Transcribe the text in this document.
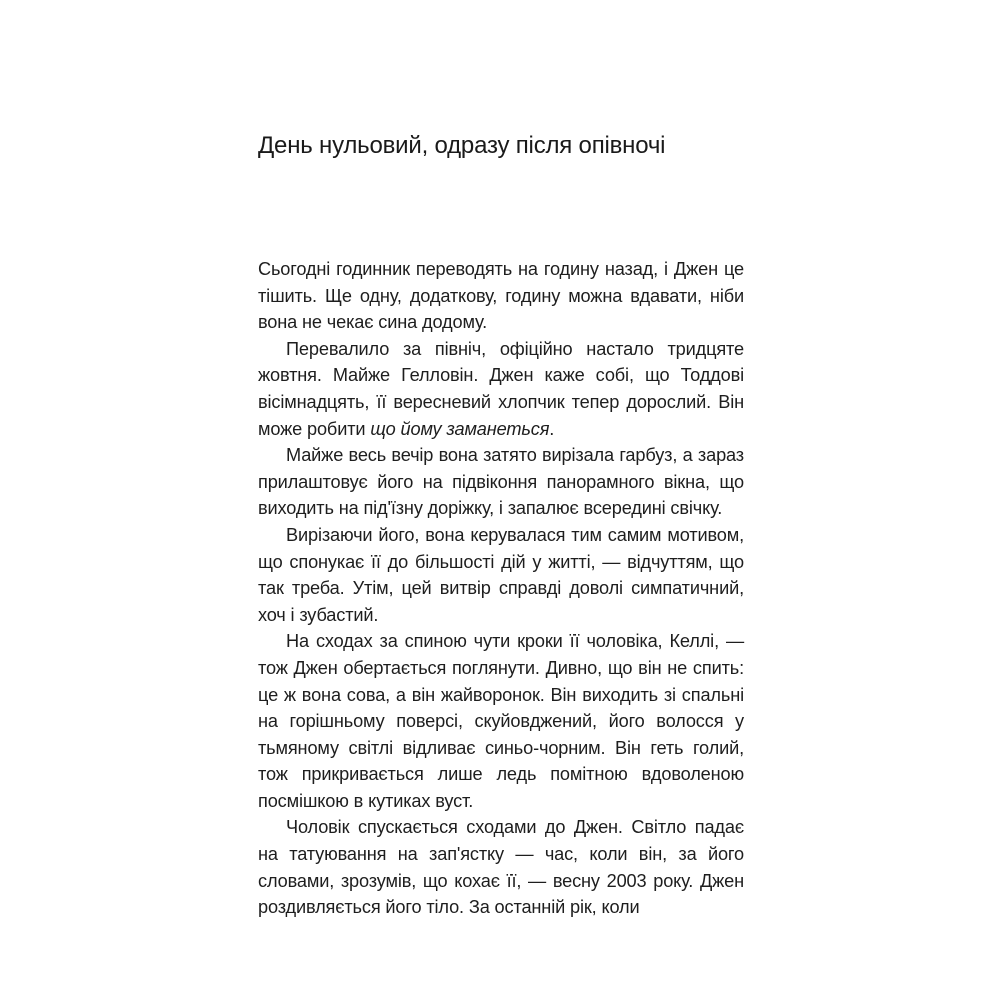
День нульовий, одразу після опівночі

Сьогодні годинник переводять на годину назад, і Джен це тішить. Ще одну, додаткову, годину можна вдавати, ніби вона не чекає сина додому.

Перевалило за північ, офіційно настало тридцяте жовтня. Майже Гелловін. Джен каже собі, що Тоддові вісімнадцять, її вересневий хлопчик тепер дорослий. Він може робити що йому заманеться.

Майже весь вечір вона затято вирізала гарбуз, а зараз прилаштовує його на підвіконня панорамного вікна, що виходить на під'їзну доріжку, і запалює всередині свічку.

Вирізаючи його, вона керувалася тим самим мотивом, що спонукає її до більшості дій у житті, — відчуттям, що так треба. Утім, цей витвір справді доволі симпатичний, хоч і зубастий.

На сходах за спиною чути кроки її чоловіка, Келлі, — тож Джен обертається поглянути. Дивно, що він не спить: це ж вона сова, а він жайворонок. Він виходить зі спальні на горішньому поверсі, скуйовджений, його волосся у тьмяному світлі відливає синьо-чорним. Він геть голий, тож прикривається лише ледь помітною вдоволеною посмішкою в кутиках вуст.

Чоловік спускається сходами до Джен. Світло падає на татуювання на зап'ястку — час, коли він, за його словами, зрозумів, що кохає її, — весну 2003 року. Джен роздивляється його тіло. За останній рік, коли
